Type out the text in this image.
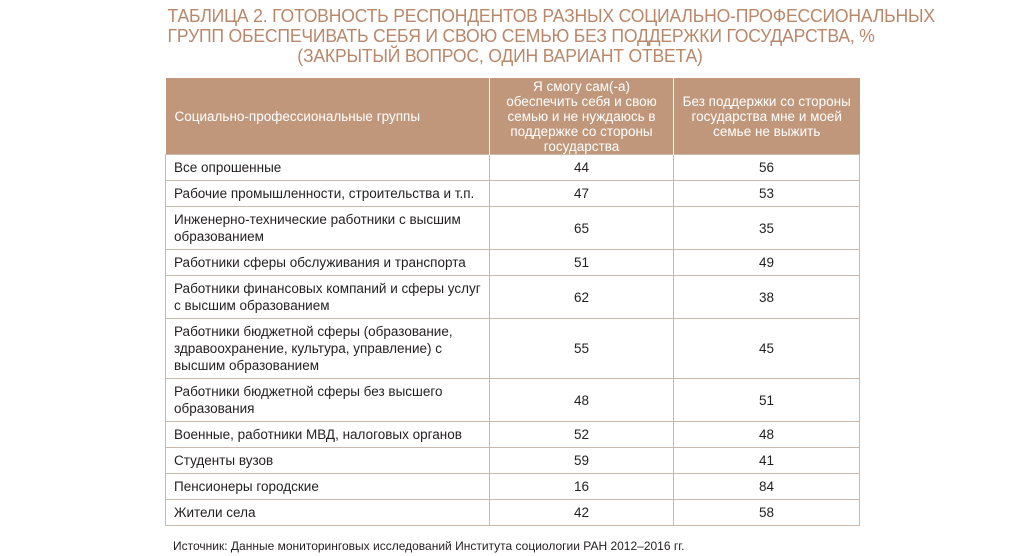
ТАБЛИЦА 2. ГОТОВНОСТЬ РЕСПОНДЕНТОВ РАЗНЫХ СОЦИАЛЬНО-ПРОФЕССИОНАЛЬНЫХ
ГРУПП ОБЕСПЕЧИВАТЬ СЕБЯ И СВОЮ СЕМЬЮ БЕЗ ПОДДЕРЖКИ ГОСУДАРСТВА, %
(ЗАКРЫТЫЙ ВОПРОС, ОДИН ВАРИАНТ ОТВЕТА)
Социально-профессиональные группы	Я смогу сам(-а) обеспечить себя и свою семью и не нуждаюсь в поддержке со стороны государства	Без поддержки со стороны государства мне и моей семье не выжить
Все опрошенные	44	56
Рабочие промышленности, строительства и т.п.	47	53
Инженерно-технические работники с высшим образованием	65	35
Работники сферы обслуживания и транспорта	51	49
Работники финансовых компаний и сферы услуг с высшим образованием	62	38
Работники бюджетной сферы (образование, здравоохранение, культура, управление) с высшим образованием	55	45
Работники бюджетной сферы без высшего образования	48	51
Военные, работники МВД, налоговых органов	52	48
Студенты вузов	59	41
Пенсионеры городские	16	84
Жители села	42	58
Источник: Данные мониторинговых исследований Института социологии РАН 2012–2016 гг.
